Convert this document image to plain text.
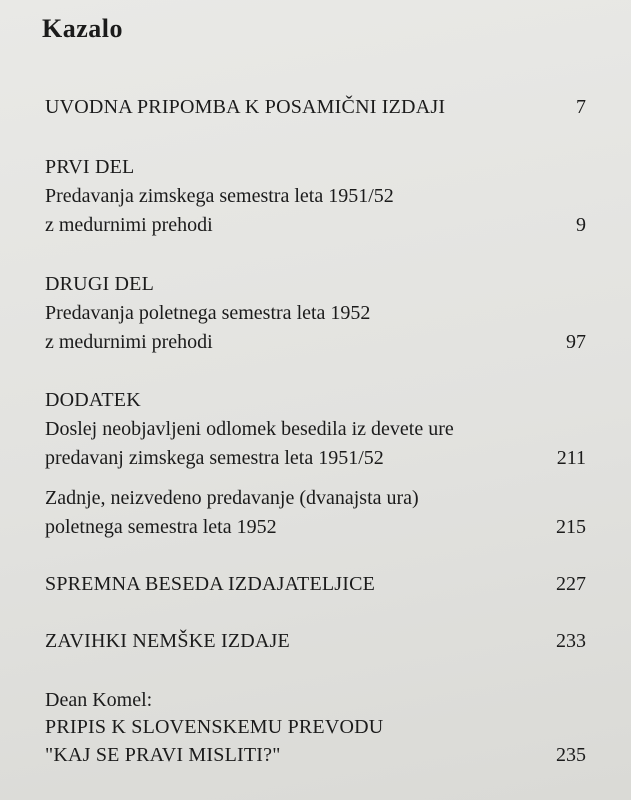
Kazalo
UVODNA PRIPOMBA K POSAMIČNI IZDAJI	7
PRVI DEL
Predavanja zimskega semestra leta 1951/52
z medurnimi prehodi	9
DRUGI DEL
Predavanja poletnega semestra leta 1952
z medurnimi prehodi	97
DODATEK
Doslej neobjavljeni odlomek besedila iz devete ure
predavanj zimskega semestra leta 1951/52	211
Zadnje, neizvedeno predavanje (dvanajsta ura)
poletnega semestra leta 1952	215
SPREMNA BESEDA IZDAJATELJICE	227
ZAVIHKI NEMŠKE IZDAJE	233
Dean Komel:
PRIPIS K SLOVENSKEMU PREVODU
"KAJ SE PRAVI MISLITI?"	235
